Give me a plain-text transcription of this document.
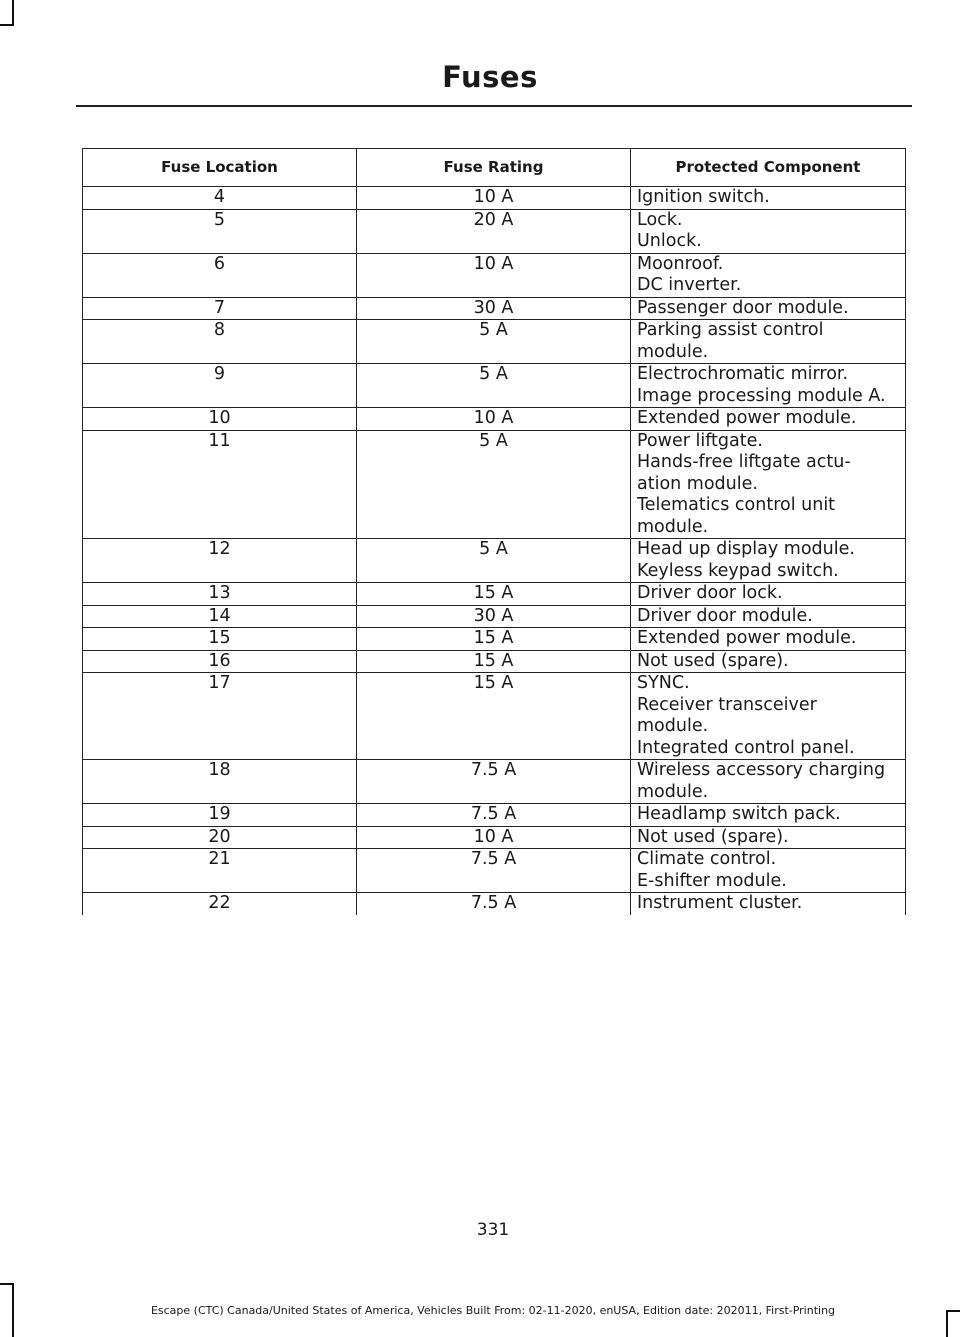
Fuses
Fuse Location	Fuse Rating	Protected Component
4	10 A	Ignition switch.

5	20 A	Lock.
Unlock.

6	10 A	Moonroof.
DC inverter.

7	30 A	Passenger door module.

8	5 A	Parking assist control
module.

9	5 A	Electrochromatic mirror.
Image processing module A.

10	10 A	Extended power module.

11	5 A	Power liftgate.
Hands-free liftgate actu-
ation module.
Telematics control unit
module.

12	5 A	Head up display module.
Keyless keypad switch.

13	15 A	Driver door lock.

14	30 A	Driver door module.

15	15 A	Extended power module.

16	15 A	Not used (spare).

17	15 A	SYNC.
Receiver transceiver
module.
Integrated control panel.

18	7.5 A	Wireless accessory charging
module.

19	7.5 A	Headlamp switch pack.

20	10 A	Not used (spare).

21	7.5 A	Climate control.
E-shifter module.

22	7.5 A	Instrument cluster.
331
Escape (CTC) Canada/United States of America, Vehicles Built From: 02-11-2020, enUSA, Edition date: 202011, First-Printing
